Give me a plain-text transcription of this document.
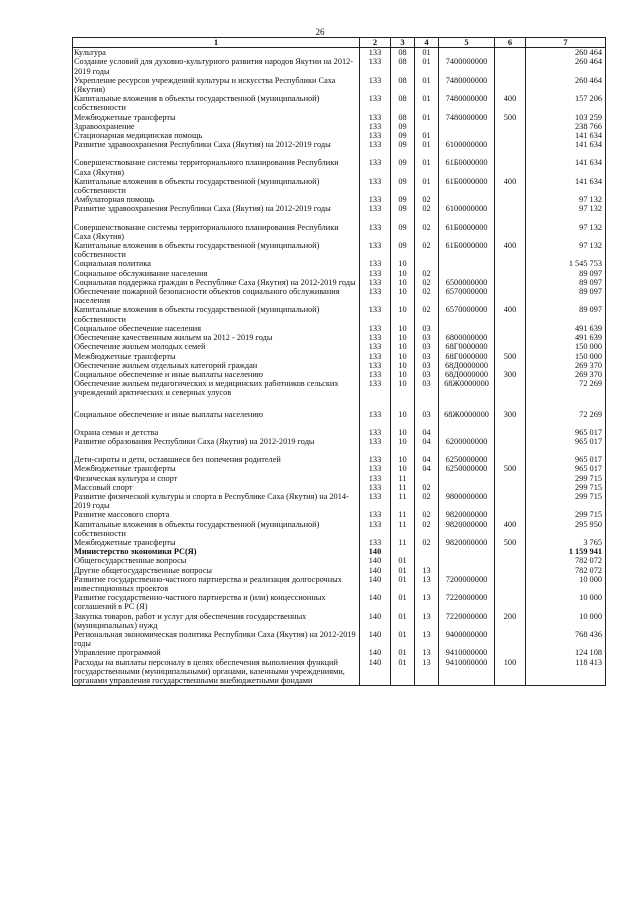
26
1	2	3	4	5	6	7
Культура	133	08	01			260 464
Создание условий для духовно-культурного развития народов Якутии на 2012-2019 годы	133	08	01	7400000000		260 464
Укрепление ресурсов учреждений культуры и искусства Республики Саха (Якутия)	133	08	01	7480000000		260 464
Капитальные вложения в объекты государственной (муниципальной) собственности	133	08	01	7480000000	400	157 206
Межбюджетные трансферты	133	08	01	7480000000	500	103 259
Здравоохранение	133	09				238 766
Стационарная медицинская помощь	133	09	01			141 634
Развитие здравоохранения Республики Саха (Якутия) на 2012-2019 годы	133	09	01	6100000000		141 634
Совершенствование системы территориального планирования Республики Саха (Якутия)	133	09	01	61Б0000000		141 634
Капитальные вложения в объекты государственной (муниципальной) собственности	133	09	01	61Б0000000	400	141 634
Амбулаторная помощь	133	09	02			97 132
Развитие здравоохранения Республики Саха (Якутия) на 2012-2019 годы	133	09	02	6100000000		97 132
Совершенствование системы территориального планирования Республики Саха (Якутия)	133	09	02	61Б0000000		97 132
Капитальные вложения в объекты государственной (муниципальной) собственности	133	09	02	61Б0000000	400	97 132
Социальная политика	133	10				1 545 753
Социальное обслуживание населения	133	10	02			89 097
Социальная поддержка граждан в Республике Саха (Якутия) на 2012-2019 годы	133	10	02	6500000000		89 097
Обеспечение пожарной безопасности объектов социального обслуживания населения	133	10	02	6570000000		89 097
Капитальные вложения в объекты государственной (муниципальной) собственности	133	10	02	6570000000	400	89 097
Социальное обеспечение населения	133	10	03			491 639
Обеспечение качественным жильем на 2012 - 2019 годы	133	10	03	6800000000		491 639
Обеспечение жильем молодых семей	133	10	03	68Г0000000		150 000
Межбюджетные трансферты	133	10	03	68Г0000000	500	150 000
Обеспечение жильем отдельных категорий граждан	133	10	03	68Д0000000		269 370
Социальное обеспечение и иные выплаты населению	133	10	03	68Д0000000	300	269 370
Обеспечение жильем педагогических и медицинских работников сельских учреждений арктических и северных улусов	133	10	03	68Ж0000000		72 269
Социальное обеспечение и иные выплаты населению	133	10	03	68Ж0000000	300	72 269
Охрана семьи и детства	133	10	04			965 017
Развитие образования Республики Саха (Якутия) на 2012-2019 годы	133	10	04	6200000000		965 017
Дети-сироты и дети, оставшиеся без попечения родителей	133	10	04	6250000000		965 017
Межбюджетные трансферты	133	10	04	6250000000	500	965 017
Физическая культура и спорт	133	11				299 715
Массовый спорт	133	11	02			299 715
Развитие физической культуры и спорта в Республике Саха (Якутия) на 2014-2019 годы	133	11	02	9800000000		299 715
Развитие массового спорта	133	11	02	9820000000		299 715
Капитальные вложения в объекты государственной (муниципальной) собственности	133	11	02	9820000000	400	295 950
Межбюджетные трансферты	133	11	02	9820000000	500	3 765
Министерство экономики РС(Я)	140					1 159 941
Общегосударственные вопросы	140	01				782 072
Другие общегосударственные вопросы	140	01	13			782 072
Развитие государственно-частного партнерства и реализация долгосрочных инвестиционных проектов	140	01	13	7200000000		10 000
Развитие государственно-частного партнерства и (или) концессионных соглашений в РС (Я)	140	01	13	7220000000		10 000
Закупка товаров, работ и услуг для обеспечения государственных (муниципальных) нужд	140	01	13	7220000000	200	10 000
Региональная экономическая политика Республики Саха (Якутия) на 2012-2019 годы	140	01	13	9400000000		768 436
Управление программой	140	01	13	9410000000		124 108
Расходы на выплаты персоналу в целях обеспечения выполнения функций государственными (муниципальными) органами, казенными учреждениями, органами управления государственными внебюджетными фондами	140	01	13	9410000000	100	118 413
